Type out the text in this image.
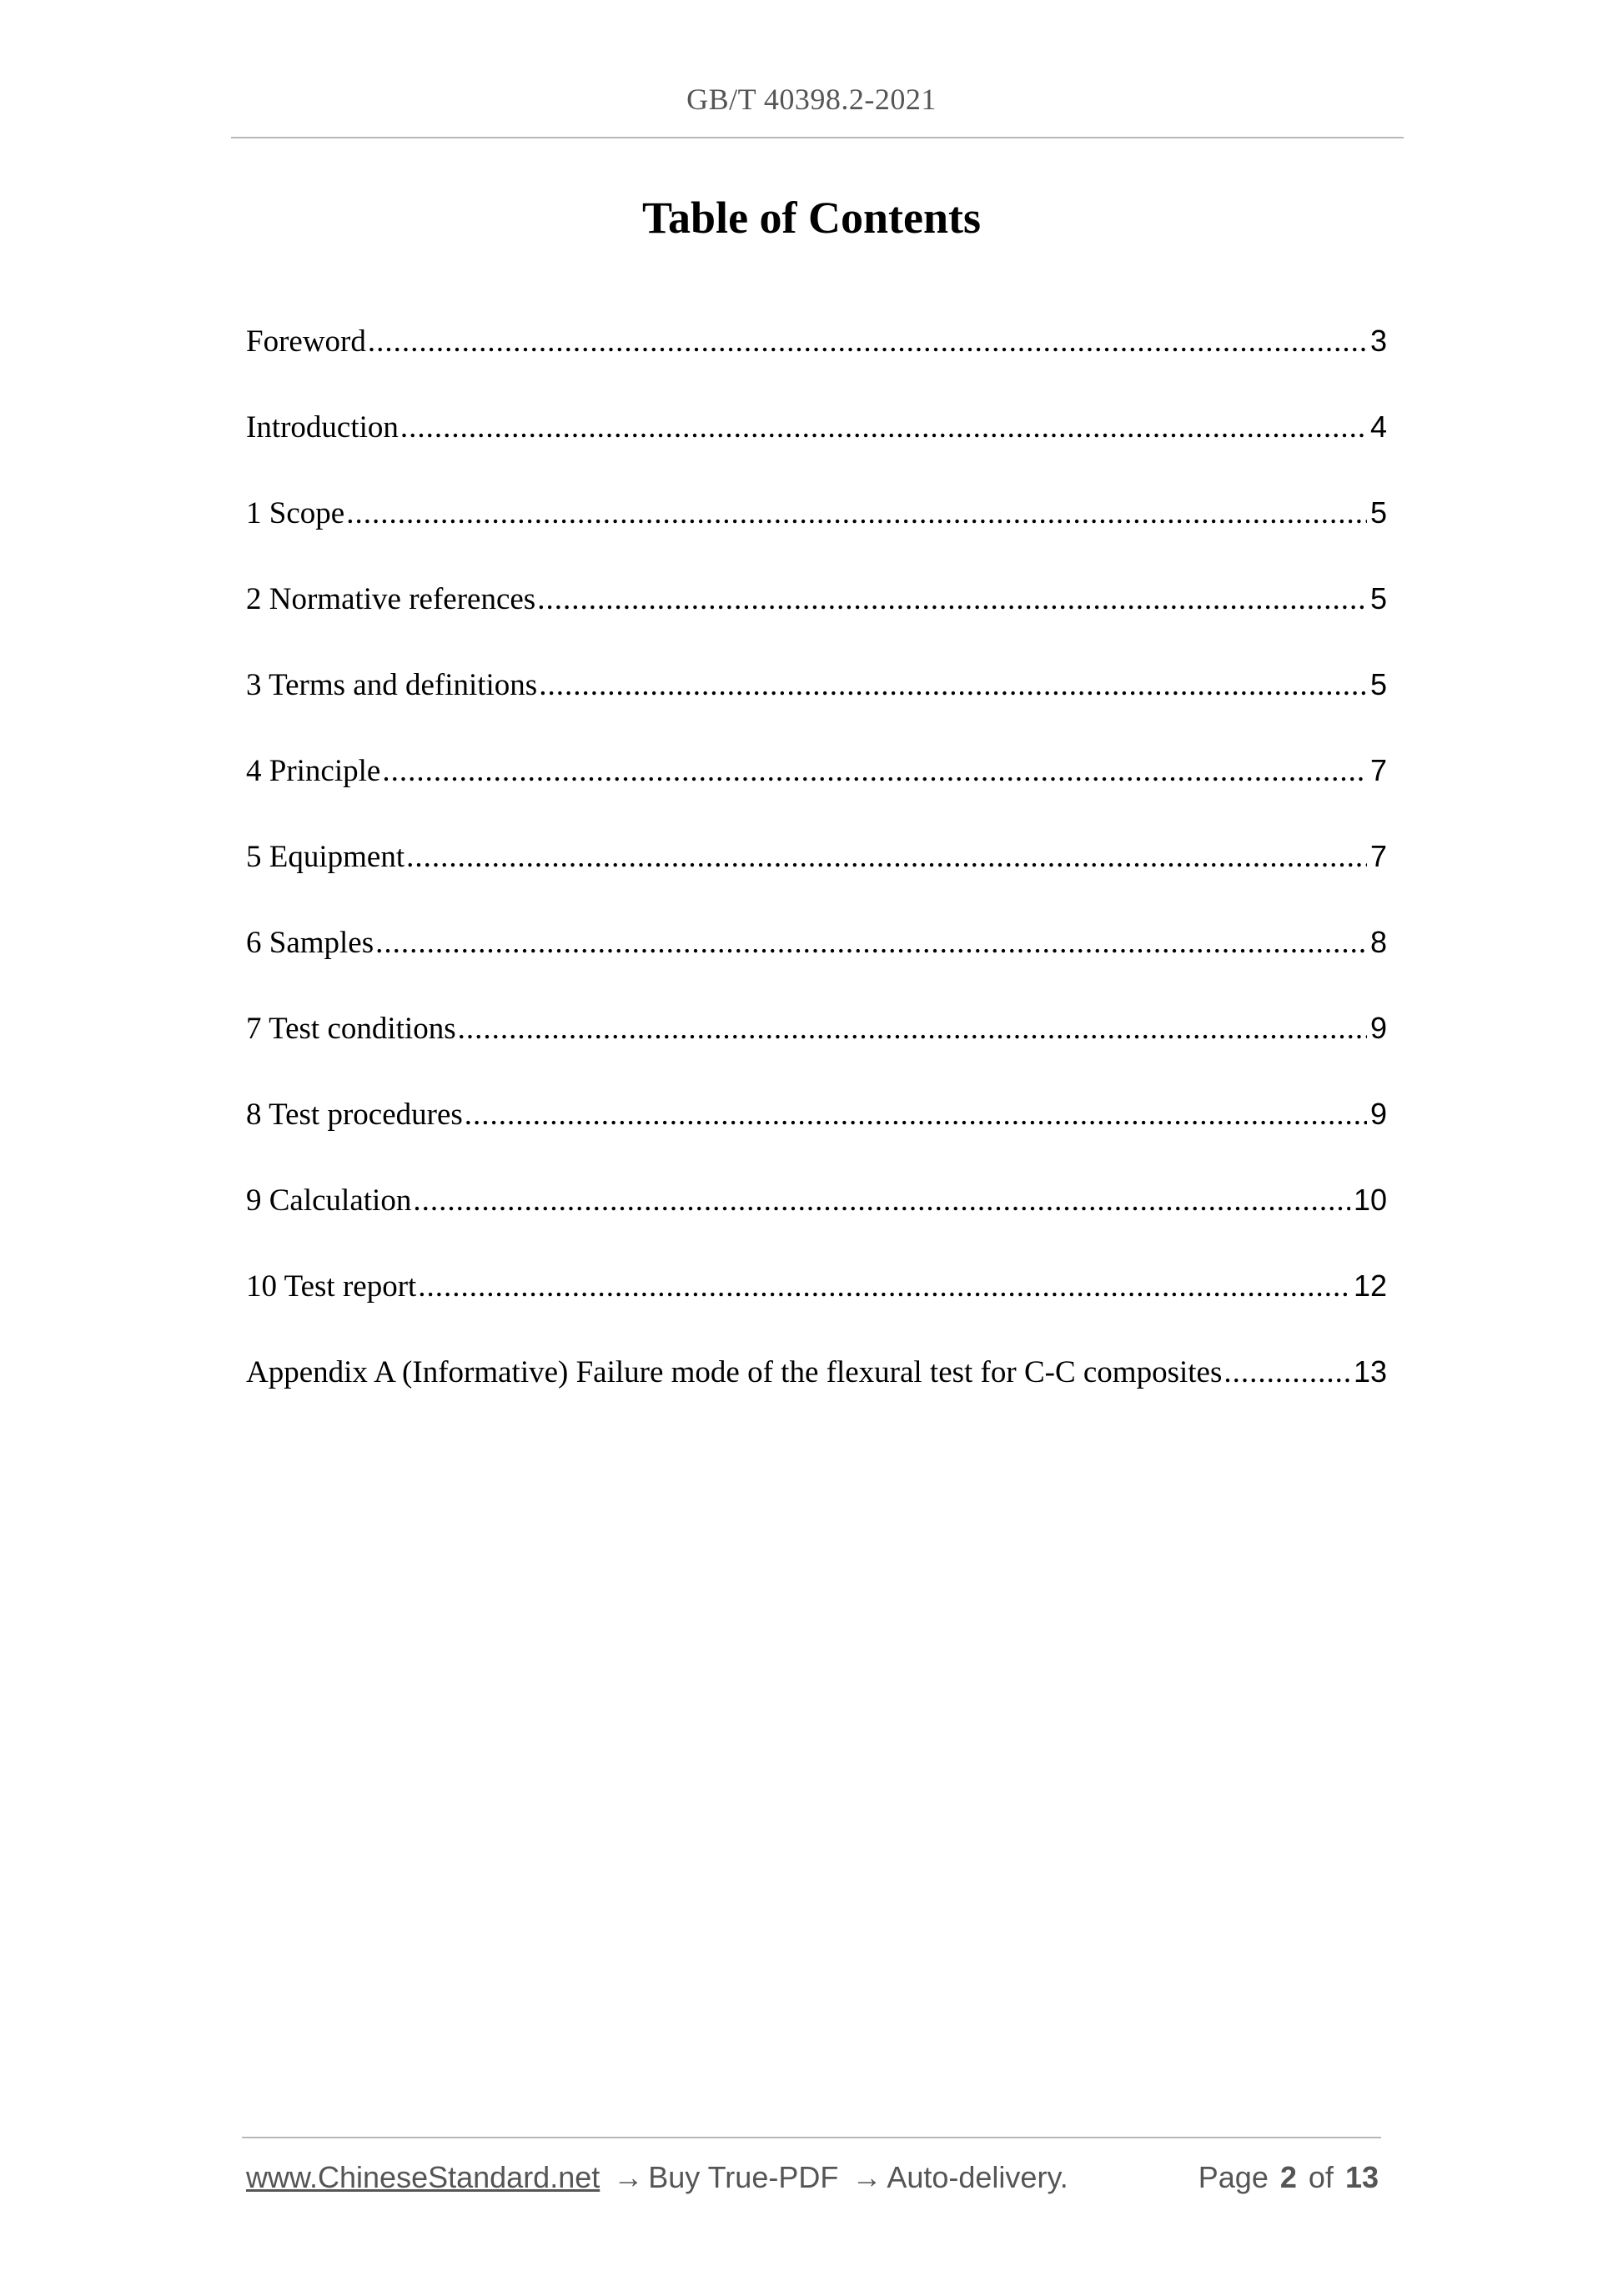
GB/T 40398.2-2021
Table of Contents
Foreword .....	3
Introduction .....	4
1 Scope .....	5
2 Normative references .....	5
3 Terms and definitions .....	5
4 Principle .....	7
5 Equipment .....	7
6 Samples .....	8
7 Test conditions .....	9
8 Test procedures .....	9
9 Calculation .....	10
10 Test report .....	12
Appendix A (Informative) Failure mode of the flexural test for C-C composites .....	13
www.ChineseStandard.net → Buy True-PDF → Auto-delivery.	Page 2 of 13
